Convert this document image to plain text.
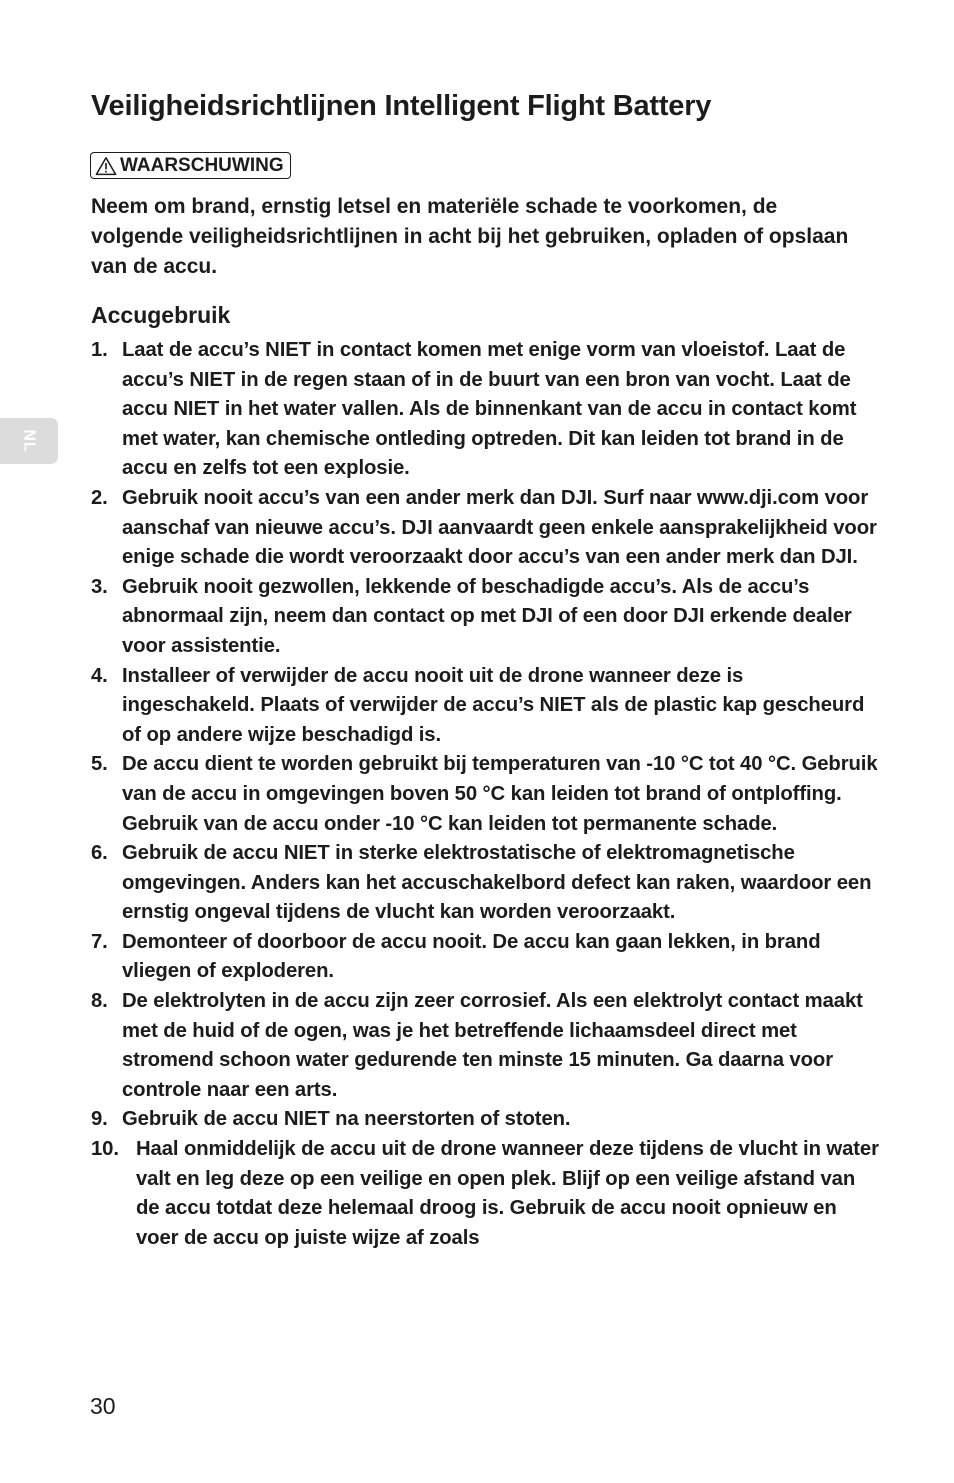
Veiligheidsrichtlijnen Intelligent Flight Battery
WAARSCHUWING

Neem om brand, ernstig letsel en materiële schade te voorkomen, de volgende veiligheidsrichtlijnen in acht bij het gebruiken, opladen of opslaan van de accu.

Accugebruik
1. Laat de accu’s NIET in contact komen met enige vorm van vloeistof. Laat de accu’s NIET in de regen staan of in de buurt van een bron van vocht. Laat de accu NIET in het water vallen. Als de binnenkant van de accu in contact komt met water, kan chemische ontleding optreden. Dit kan leiden tot brand in de accu en zelfs tot een explosie.
2. Gebruik nooit accu’s van een ander merk dan DJI. Surf naar www.dji.com voor aanschaf van nieuwe accu’s. DJI aanvaardt geen enkele aansprakelijkheid voor enige schade die wordt veroorzaakt door accu’s van een ander merk dan DJI.
3. Gebruik nooit gezwollen, lekkende of beschadigde accu’s. Als de accu’s abnormaal zijn, neem dan contact op met DJI of een door DJI erkende dealer voor assistentie.
4. Installeer of verwijder de accu nooit uit de drone wanneer deze is ingeschakeld. Plaats of verwijder de accu’s NIET als de plastic kap gescheurd of op andere wijze beschadigd is.
5. De accu dient te worden gebruikt bij temperaturen van -10 °C tot 40 °C. Gebruik van de accu in omgevingen boven 50 °C kan leiden tot brand of ontploffing. Gebruik van de accu onder -10 °C kan leiden tot permanente schade.
6. Gebruik de accu NIET in sterke elektrostatische of elektromagnetische omgevingen. Anders kan het accuschakelbord defect kan raken, waardoor een ernstig ongeval tijdens de vlucht kan worden veroorzaakt.
7. Demonteer of doorboor de accu nooit. De accu kan gaan lekken, in brand vliegen of exploderen.
8. De elektrolyten in de accu zijn zeer corrosief. Als een elektrolyt contact maakt met de huid of de ogen, was je het betreffende lichaamsdeel direct met stromend schoon water gedurende ten minste 15 minuten. Ga daarna voor controle naar een arts.
9. Gebruik de accu NIET na neerstorten of stoten.
10. Haal onmiddelijk de accu uit de drone wanneer deze tijdens de vlucht in water valt en leg deze op een veilige en open plek. Blijf op een veilige afstand van de accu totdat deze helemaal droog is. Gebruik de accu nooit opnieuw en voer de accu op juiste wijze af zoals
NL
30
